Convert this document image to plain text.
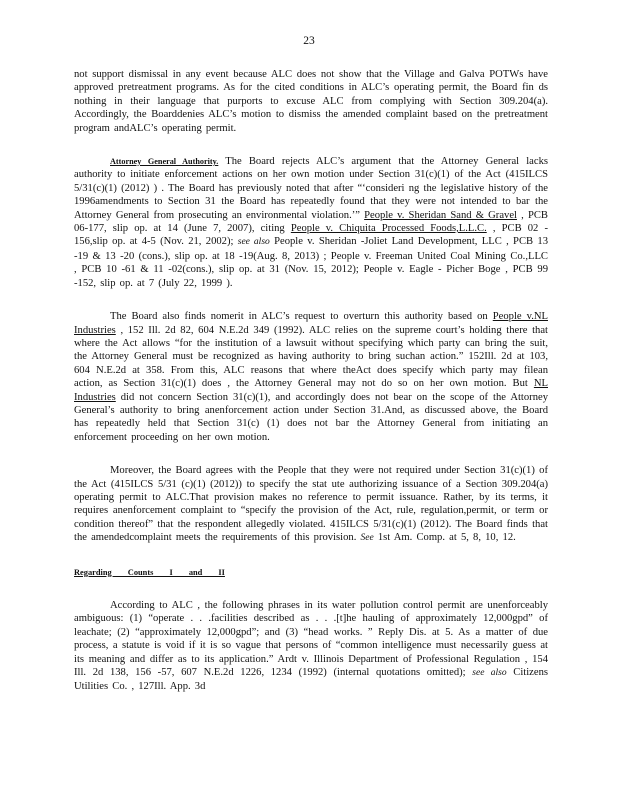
23

not support dismissal in any event because ALC does not show that the Village and Galva POTWs have approved pretreatment programs. As for the cited conditions in ALC’s operating permit, the Board fin ds nothing in their language that purports to excuse ALC from complying with Section 309.204(a). Accordingly, the Boarddenies ALC’s motion to dismiss the amended complaint based on the pretreatment program andALC’s operating permit.

Attorney General Authority. The Board rejects ALC’s argument that the Attorney General lacks authority to initiate enforcement actions on her own motion under Section 31(c)(1) of the Act (415ILCS 5/31(c)(1) (2012) ) . The Board has previously noted that after “‘consideri ng the legislative history of the 1996amendments to Section 31 the Board has repeatedly found that they were not intended to bar the Attorney General from prosecuting an environmental violation.’” People v. Sheridan Sand & Gravel , PCB 06-177, slip op. at 14 (June 7, 2007), citing People v. Chiquita Processed Foods,L.L.C. , PCB 02 - 156,slip op. at 4-5 (Nov. 21, 2002); see also People v. Sheridan -Joliet Land Development, LLC , PCB 13 -19 & 13 -20 (cons.), slip op. at 18 -19(Aug. 8, 2013) ; People v. Freeman United Coal Mining Co.,LLC , PCB 10 -61 & 11 -02(cons.), slip op. at 31 (Nov. 15, 2012); People v. Eagle - Picher Boge , PCB 99 -152, slip op. at 7 (July 22, 1999 ).

The Board also finds nomerit in ALC’s request to overturn this authority based on People v.NL Industries , 152 Ill. 2d 82, 604 N.E.2d 349 (1992). ALC relies on the supreme court’s holding there that where the Act allows “for the institution of a lawsuit without specifying which party can bring the suit, the Attorney General must be recognized as having authority to bring suchan action.” 152Ill. 2d at 103, 604 N.E.2d at 358. From this, ALC reasons that where theAct does specify which party may filean action, as Section 31(c)(1) does , the Attorney General may not do so on her own motion. But NL Industries did not concern Section 31(c)(1), and accordingly does not bear on the scope of the Attorney General’s authority to bring anenforcement action under Section 31.And, as discussed above, the Board has repeatedly held that Section 31(c) (1) does not bar the Attorney General from initiating an enforcement proceeding on her own motion.

Moreover, the Board agrees with the People that they were not required under Section 31(c)(1) of the Act (415ILCS 5/31 (c)(1) (2012)) to specify the stat ute authorizing issuance of a Section 309.204(a) operating permit to ALC.That provision makes no reference to permit issuance. Rather, by its terms, it requires anenforcement complaint to “specify the provision of the Act, rule, regulation,permit, or term or condition thereof” that the respondent allegedly violated. 415ILCS 5/31(c)(1) (2012). The Board finds that the amendedcomplaint meets the requirements of this provision. See 1st Am. Comp. at 5, 8, 10, 12.

Regarding Counts I and II

According to ALC , the following phrases in its water pollution control permit are unenforceably ambiguous: (1) “operate . . .facilities described as . . .[t]he hauling of approximately 12,000gpd” of leachate; (2) “approximately 12,000gpd”; and (3) “head works. ” Reply Dis. at 5. As a matter of due process, a statute is void if it is so vague that persons of “common intelligence must necessarily guess at its meaning and differ as to its application.” Ardt v. Illinois Department of Professional Regulation , 154 Ill. 2d 138, 156 -57, 607 N.E.2d 1226, 1234 (1992) (internal quotations omitted); see also Citizens Utilities Co. , 127Ill. App. 3d
